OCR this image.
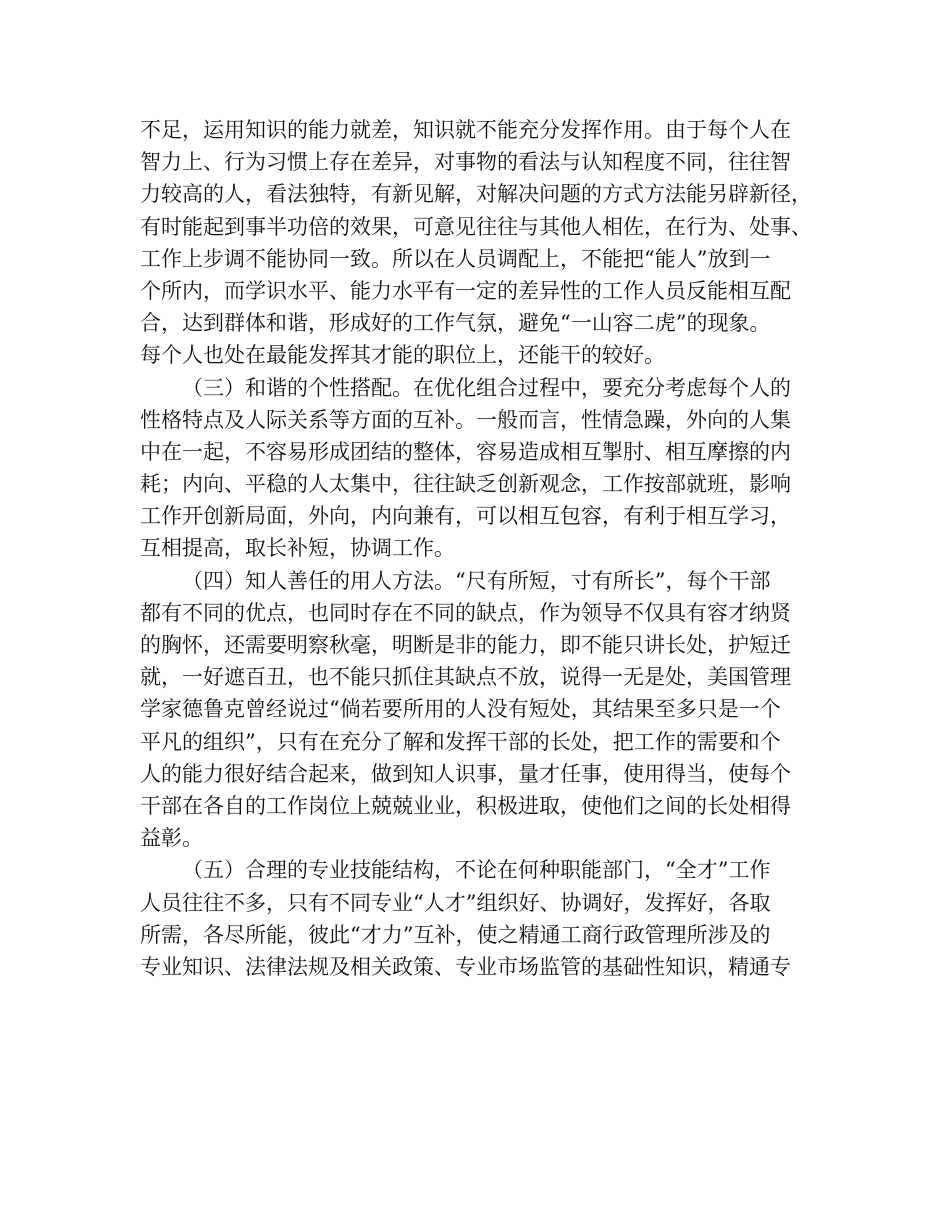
不足，运用知识的能力就差，知识就不能充分发挥作用。由于每个人在
智力上、行为习惯上存在差异，对事物的看法与认知程度不同，往往智
力较高的人，看法独特，有新见解，对解决问题的方式方法能另辟新径，
有时能起到事半功倍的效果，可意见往往与其他人相佐，在行为、处事、
工作上步调不能协同一致。所以在人员调配上，不能把“能人”放到一
个所内，而学识水平、能力水平有一定的差异性的工作人员反能相互配
合，达到群体和谐，形成好的工作气氛，避免“一山容二虎”的现象。
每个人也处在最能发挥其才能的职位上，还能干的较好。
（三）和谐的个性搭配。在优化组合过程中，要充分考虑每个人的
性格特点及人际关系等方面的互补。一般而言，性情急躁，外向的人集
中在一起，不容易形成团结的整体，容易造成相互掣肘、相互摩擦的内
耗；内向、平稳的人太集中，往往缺乏创新观念，工作按部就班，影响
工作开创新局面，外向，内向兼有，可以相互包容，有利于相互学习，
互相提高，取长补短，协调工作。
（四）知人善任的用人方法。“尺有所短，寸有所长”，每个干部
都有不同的优点，也同时存在不同的缺点，作为领导不仅具有容才纳贤
的胸怀，还需要明察秋毫，明断是非的能力，即不能只讲长处，护短迁
就，一好遮百丑，也不能只抓住其缺点不放，说得一无是处，美国管理
学家德鲁克曾经说过“倘若要所用的人没有短处，其结果至多只是一个
平凡的组织”，只有在充分了解和发挥干部的长处，把工作的需要和个
人的能力很好结合起来，做到知人识事，量才任事，使用得当，使每个
干部在各自的工作岗位上兢兢业业，积极进取，使他们之间的长处相得
益彰。
（五）合理的专业技能结构，不论在何种职能部门，“全才”工作
人员往往不多，只有不同专业“人才”组织好、协调好，发挥好，各取
所需，各尽所能，彼此“才力”互补，使之精通工商行政管理所涉及的
专业知识、法律法规及相关政策、专业市场监管的基础性知识，精通专
